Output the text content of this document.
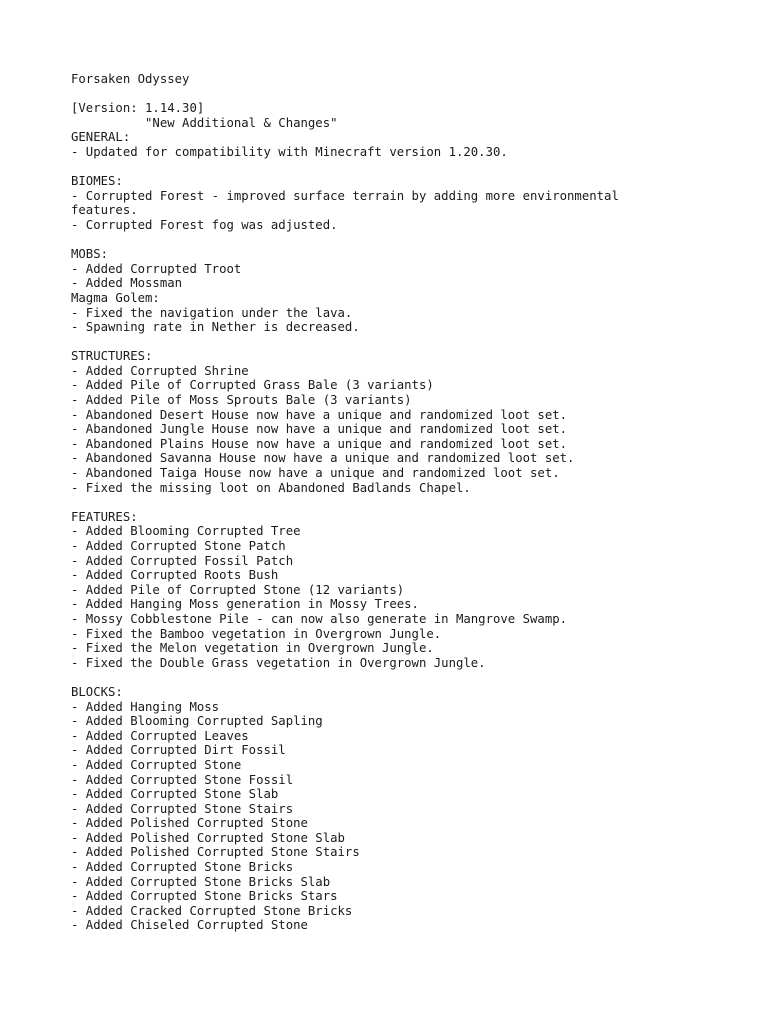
Forsaken Odyssey
[Version: 1.14.30]
"New Additional & Changes"
GENERAL:
- Updated for compatibility with Minecraft version 1.20.30.
BIOMES:
- Corrupted Forest - improved surface terrain by adding more environmental
features.
- Corrupted Forest fog was adjusted.
MOBS:
- Added Corrupted Troot
- Added Mossman
Magma Golem:
- Fixed the navigation under the lava.
- Spawning rate in Nether is decreased.
STRUCTURES:
- Added Corrupted Shrine
- Added Pile of Corrupted Grass Bale (3 variants)
- Added Pile of Moss Sprouts Bale (3 variants)
- Abandoned Desert House now have a unique and randomized loot set.
- Abandoned Jungle House now have a unique and randomized loot set.
- Abandoned Plains House now have a unique and randomized loot set.
- Abandoned Savanna House now have a unique and randomized loot set.
- Abandoned Taiga House now have a unique and randomized loot set.
- Fixed the missing loot on Abandoned Badlands Chapel.
FEATURES:
- Added Blooming Corrupted Tree
- Added Corrupted Stone Patch
- Added Corrupted Fossil Patch
- Added Corrupted Roots Bush
- Added Pile of Corrupted Stone (12 variants)
- Added Hanging Moss generation in Mossy Trees.
- Mossy Cobblestone Pile - can now also generate in Mangrove Swamp.
- Fixed the Bamboo vegetation in Overgrown Jungle.
- Fixed the Melon vegetation in Overgrown Jungle.
- Fixed the Double Grass vegetation in Overgrown Jungle.
BLOCKS:
- Added Hanging Moss
- Added Blooming Corrupted Sapling
- Added Corrupted Leaves
- Added Corrupted Dirt Fossil
- Added Corrupted Stone
- Added Corrupted Stone Fossil
- Added Corrupted Stone Slab
- Added Corrupted Stone Stairs
- Added Polished Corrupted Stone
- Added Polished Corrupted Stone Slab
- Added Polished Corrupted Stone Stairs
- Added Corrupted Stone Bricks
- Added Corrupted Stone Bricks Slab
- Added Corrupted Stone Bricks Stars
- Added Cracked Corrupted Stone Bricks
- Added Chiseled Corrupted Stone
